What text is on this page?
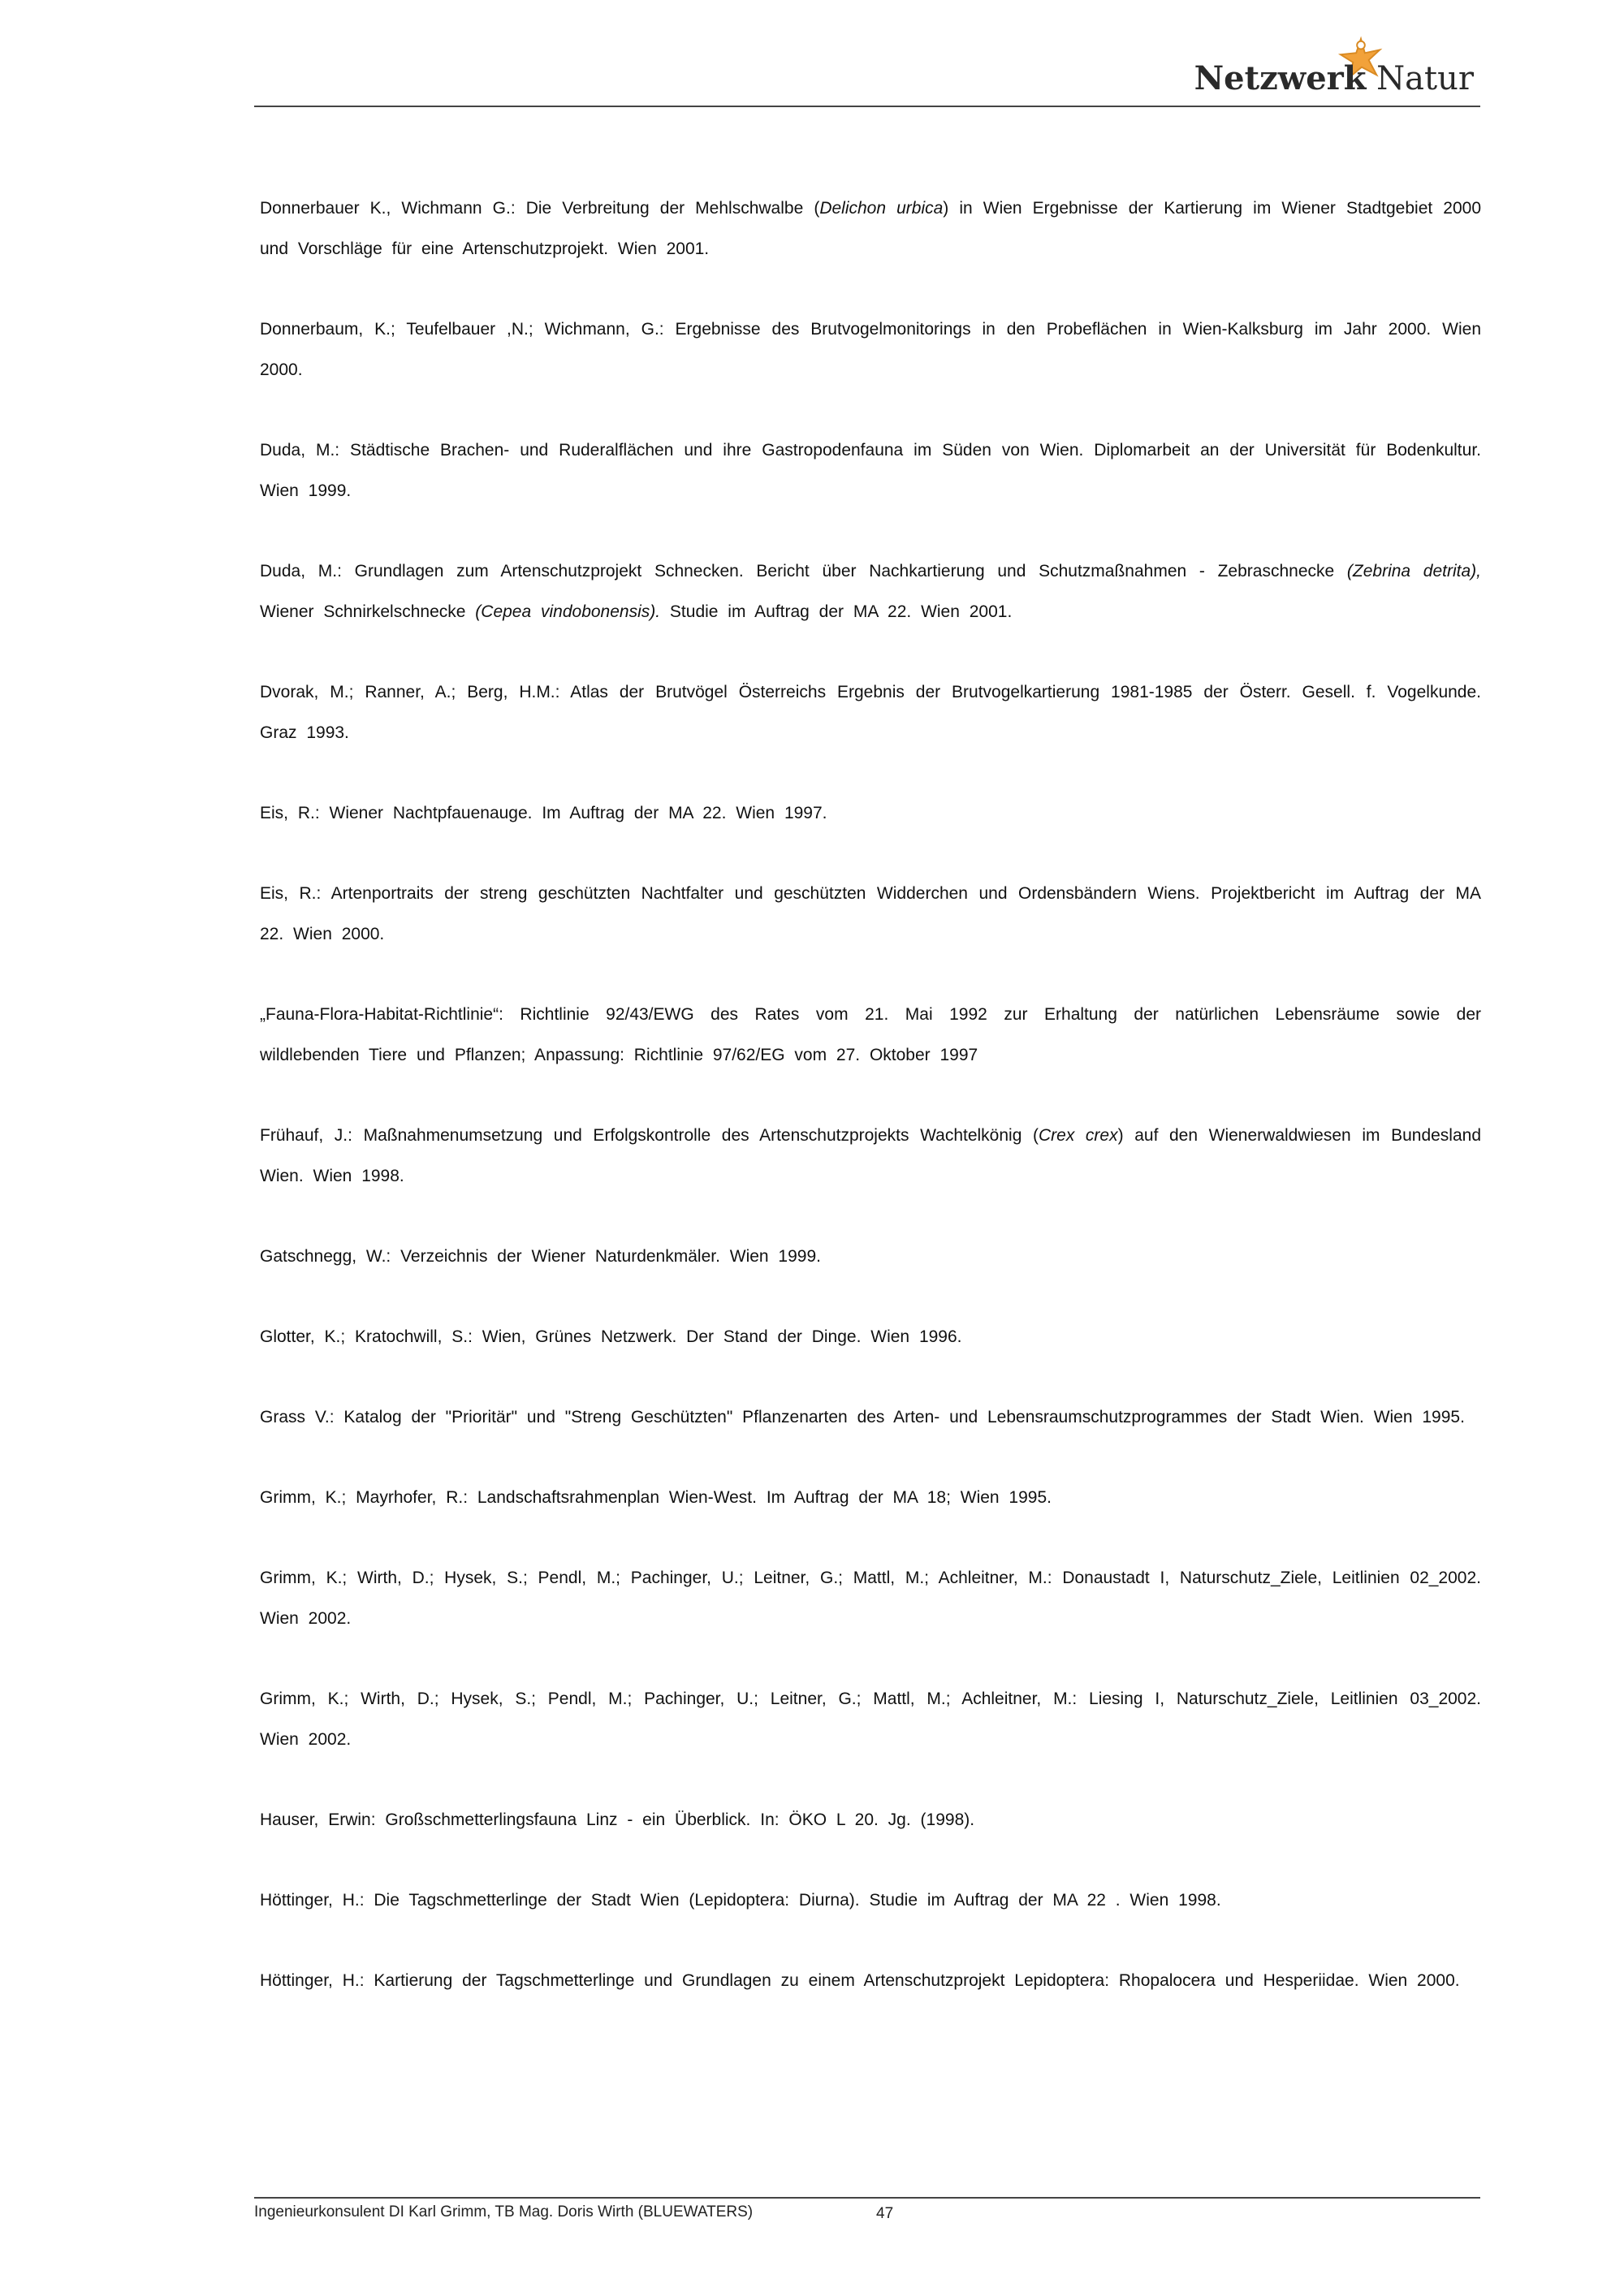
Netzwerk Natur

Donnerbauer K., Wichmann G.: Die Verbreitung der Mehlschwalbe (Delichon urbica) in Wien Ergebnisse der Kartierung im Wiener Stadtgebiet 2000 und Vorschläge für eine Artenschutzprojekt. Wien 2001.

Donnerbaum, K.; Teufelbauer ,N.; Wichmann, G.: Ergebnisse des Brutvogelmonitorings in den Probeflächen in Wien-Kalksburg im Jahr 2000. Wien 2000.

Duda, M.: Städtische Brachen- und Ruderalflächen und ihre Gastropodenfauna im Süden von Wien. Diplomarbeit an der Universität für Bodenkultur. Wien 1999.

Duda, M.: Grundlagen zum Artenschutzprojekt Schnecken. Bericht über Nachkartierung und Schutzmaßnahmen - Zebraschnecke (Zebrina detrita), Wiener Schnirkelschnecke (Cepea vindobonensis). Studie im Auftrag der MA 22. Wien 2001.

Dvorak, M.; Ranner, A.; Berg, H.M.: Atlas der Brutvögel Österreichs Ergebnis der Brutvogelkartierung 1981-1985 der Österr. Gesell. f. Vogelkunde. Graz 1993.

Eis, R.: Wiener Nachtpfauenauge. Im Auftrag der MA 22. Wien 1997.

Eis, R.: Artenportraits der streng geschützten Nachtfalter und geschützten Widderchen und Ordensbändern Wiens. Projektbericht im Auftrag der MA 22. Wien 2000.

„Fauna-Flora-Habitat-Richtlinie“: Richtlinie 92/43/EWG des Rates vom 21. Mai 1992 zur Erhaltung der natürlichen Lebensräume sowie der wildlebenden Tiere und Pflanzen; Anpassung: Richtlinie 97/62/EG vom 27. Oktober 1997

Frühauf, J.: Maßnahmenumsetzung und Erfolgskontrolle des Artenschutzprojekts Wachtelkönig (Crex crex) auf den Wienerwaldwiesen im Bundesland Wien. Wien 1998.

Gatschnegg, W.: Verzeichnis der Wiener Naturdenkmäler. Wien 1999.

Glotter, K.; Kratochwill, S.: Wien, Grünes Netzwerk. Der Stand der Dinge. Wien 1996.

Grass V.: Katalog der "Prioritär" und "Streng Geschützten" Pflanzenarten des Arten- und Lebensraumschutzprogrammes der Stadt Wien. Wien 1995.

Grimm, K.; Mayrhofer, R.: Landschaftsrahmenplan Wien-West. Im Auftrag der MA 18; Wien 1995.

Grimm, K.; Wirth, D.; Hysek, S.; Pendl, M.; Pachinger, U.; Leitner, G.; Mattl, M.; Achleitner, M.: Donaustadt I, Naturschutz_Ziele, Leitlinien 02_2002. Wien 2002.

Grimm, K.; Wirth, D.; Hysek, S.; Pendl, M.; Pachinger, U.; Leitner, G.; Mattl, M.; Achleitner, M.: Liesing I, Naturschutz_Ziele, Leitlinien 03_2002. Wien 2002.

Hauser, Erwin: Großschmetterlingsfauna Linz - ein Überblick. In: ÖKO L 20. Jg. (1998).

Höttinger, H.: Die Tagschmetterlinge der Stadt Wien (Lepidoptera: Diurna). Studie im Auftrag der MA 22 . Wien 1998.

Höttinger, H.: Kartierung der Tagschmetterlinge und Grundlagen zu einem Artenschutzprojekt Lepidoptera: Rhopalocera und Hesperiidae. Wien 2000.

Ingenieurkonsulent DI Karl Grimm, TB Mag. Doris Wirth (BLUEWATERS)	47
